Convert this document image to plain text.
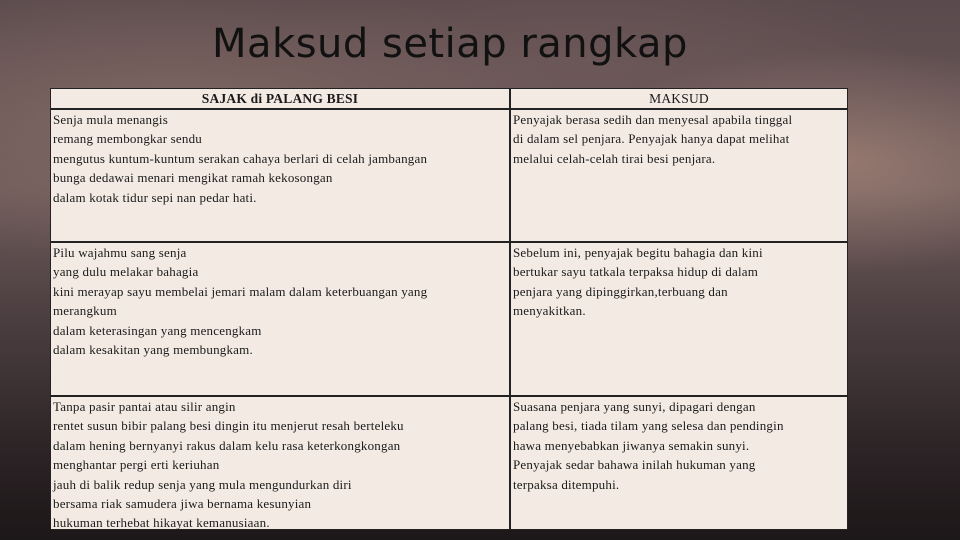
Maksud setiap rangkap
SAJAK di PALANG BESI	MAKSUD
Senja mula menangis
remang membongkar sendu
mengutus kuntum-kuntum serakan cahaya berlari di celah jambangan
bunga dedawai menari mengikat ramah kekosongan
dalam kotak tidur sepi nan pedar hati.
Penyajak berasa sedih dan menyesal apabila tinggal
di dalam sel penjara. Penyajak hanya dapat melihat
melalui celah-celah tirai besi penjara.
Pilu wajahmu sang senja
yang dulu melakar bahagia
kini merayap sayu membelai jemari malam dalam keterbuangan yang
merangkum
dalam keterasingan yang mencengkam
dalam kesakitan yang membungkam.
Sebelum ini, penyajak begitu bahagia dan kini
bertukar sayu tatkala terpaksa hidup di dalam
penjara yang dipinggirkan,terbuang dan
menyakitkan.
Tanpa pasir pantai atau silir angin
rentet susun bibir palang besi dingin itu menjerut resah berteleku
dalam hening bernyanyi rakus dalam kelu rasa keterkongkongan
menghantar pergi erti keriuhan
jauh di balik redup senja yang mula mengundurkan diri
bersama riak samudera jiwa bernama kesunyian
hukuman terhebat hikayat kemanusiaan.
Suasana penjara yang sunyi, dipagari dengan
palang besi, tiada tilam yang selesa dan pendingin
hawa menyebabkan jiwanya semakin sunyi.
Penyajak sedar bahawa inilah hukuman yang
terpaksa ditempuhi.
